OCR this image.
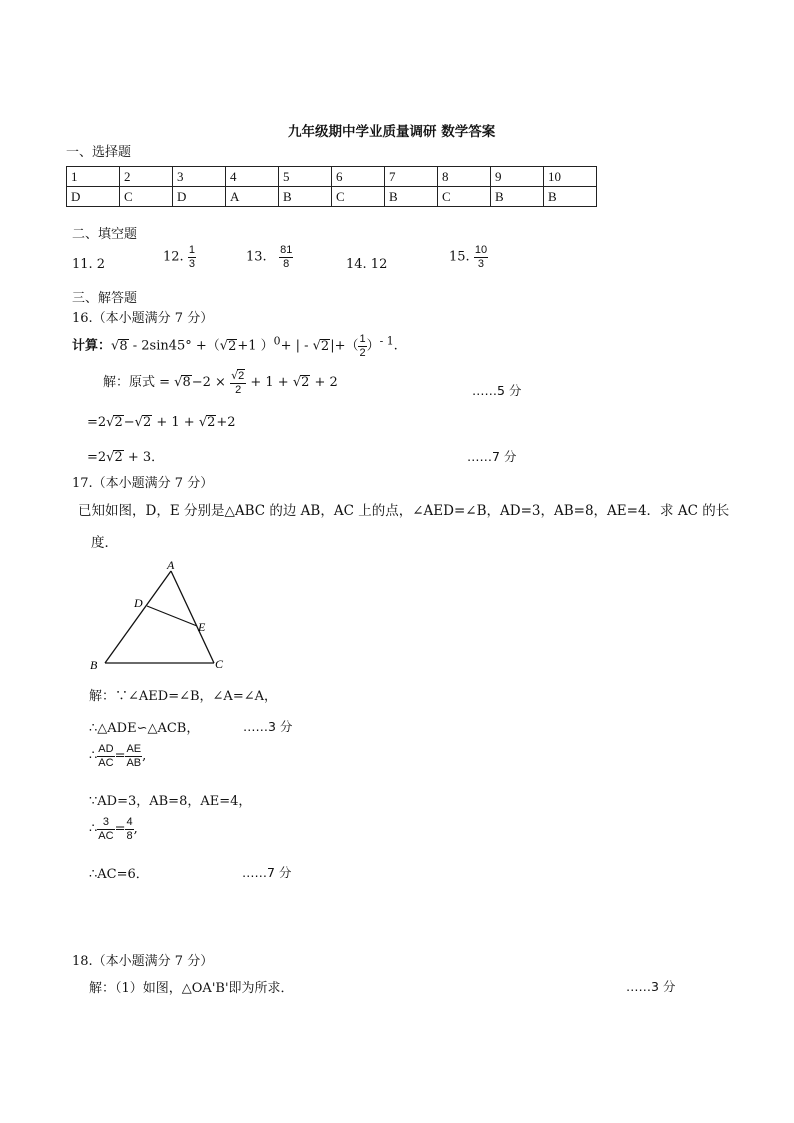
九年级期中学业质量调研 数学答案
一、选择题
1	2	3	4	5	6	7	8	9	10
D	C	D	A	B	C	B	C	B	B
二、填空题
11. 2	12. $\frac{1}{3}$	13. $\frac{81}{8}$	14. 12	15. $\frac{10}{3}$
三、解答题
16.（本小题满分 7 分）
计算：√8 - 2sin45° +（√2+1 ）$^0$+ | - $√2|+( \frac{1}{2} )^{- 1}$.
解：原式 = $√8-2 \times \frac{√2}{2} + 1 + √2 + 2$
……5 分
=2√2−√2 + 1 + √2+2
=2√2 + 3．	……7 分
17.（本小题满分 7 分）
已知如图，D，E 分别是△ABC 的边 AB，AC 上的点，∠AED=∠B，AD=3，AB=8，AE=4．求 AC 的长
度．
A
D
E
B	C
解：∵∠AED=∠B，∠A=∠A，
∴△ADE∽△ACB，	……3 分
∴ $\frac{AD}{AC} = \frac{AE}{AB}$ ,
∵AD=3，AB=8，AE=4，
∴ $\frac{3}{AC} = \frac{4}{8}$ ,
∴AC=6．	……7 分
18.（本小题满分 7 分）
解：（1）如图，△OA'B'即为所求．	……3 分
